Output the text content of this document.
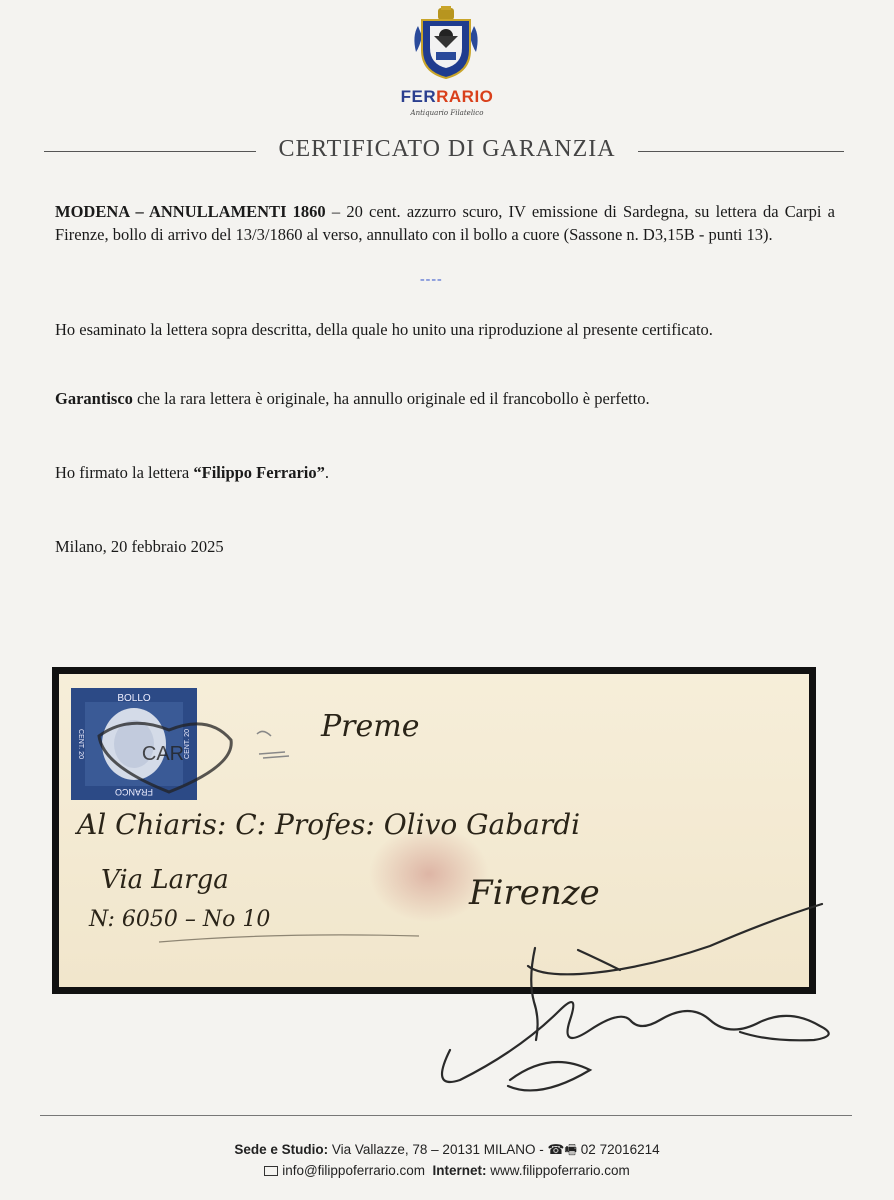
FERRARIO
Antiquario Filatelico
CERTIFICATO DI GARANZIA

MODENA – ANNULLAMENTI 1860 – 20 cent. azzurro scuro, IV emissione di Sardegna, su lettera da Carpi a Firenze, bollo di arrivo del 13/3/1860 al verso, annullato con il bollo a cuore (Sassone n. D3,15B - punti 13).

----

Ho esaminato la lettera sopra descritta, della quale ho unito una riproduzione al presente certificato.

Garantisco che la rara lettera è originale, ha annullo originale ed il francobollo è perfetto.

Ho firmato la lettera “Filippo Ferrario”.

Milano, 20 febbraio 2025

BOLLO
FRANCO
CENT. 20	CENT. 20
CAR
Preme
Al Chiaris: C: Profes: Olivo Gabardi
Via Larga
N: 6050 – No 10
Firenze
Sede e Studio: Via Vallazze, 78 – 20131 MILANO - ☎​🖷 02 72016214
info@filippoferrario.com Internet: www.filippoferrario.com
